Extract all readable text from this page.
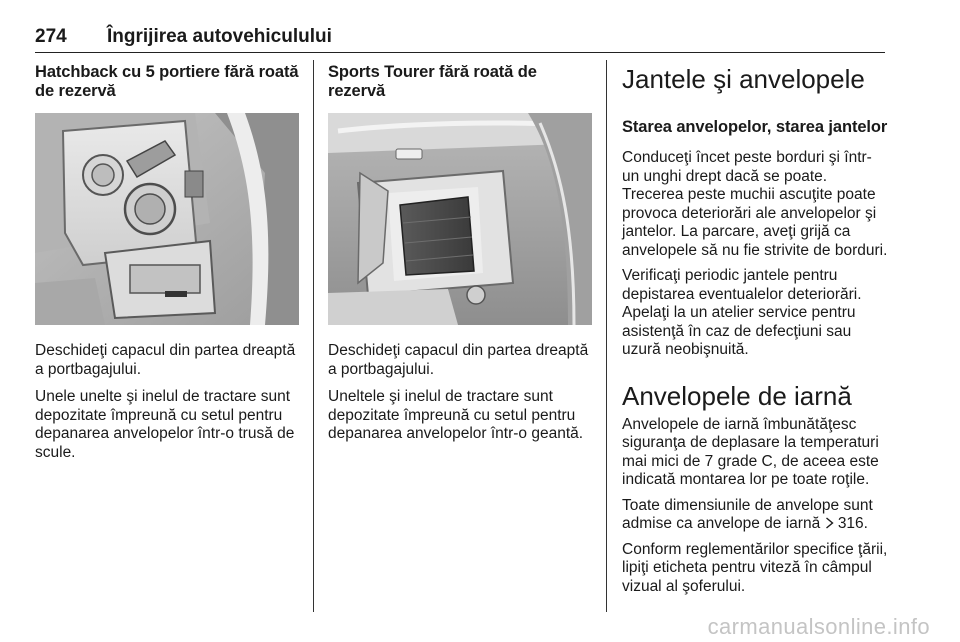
274 Îngrijirea autovehiculului
Hatchback cu 5 portiere fără roată de rezervă

Deschideţi capacul din partea dreaptă a portbagajului.

Unele unelte şi inelul de tractare sunt depozitate împreună cu setul pentru depanarea anvelopelor într-o trusă de scule.

Sports Tourer fără roată de rezervă

Deschideţi capacul din partea dreaptă a portbagajului.

Uneltele şi inelul de tractare sunt depozitate împreună cu setul pentru depanarea anvelopelor într-o geantă.

Jantele şi anvelopele
Starea anvelopelor, starea jantelor

Conduceţi încet peste borduri şi într-un unghi drept dacă se poate. Trecerea peste muchii ascuţite poate provoca deteriorări ale anvelopelor şi jantelor. La parcare, aveţi grijă ca anvelopele să nu fie strivite de borduri.

Verificaţi periodic jantele pentru depistarea eventualelor deteriorări. Apelaţi la un atelier service pentru asistenţă în caz de defecţiuni sau uzură neobişnuită.

Anvelopele de iarnă

Anvelopele de iarnă îmbunătăţesc siguranţa de deplasare la temperaturi mai mici de 7 grade C, de aceea este indicată montarea lor pe toate roţile.

Toate dimensiunile de anvelope sunt admise ca anvelope de iarnă  316.

Conform reglementărilor specifice ţării, lipiţi eticheta pentru viteză în câmpul vizual al şoferului.

carmanualsonline.info
